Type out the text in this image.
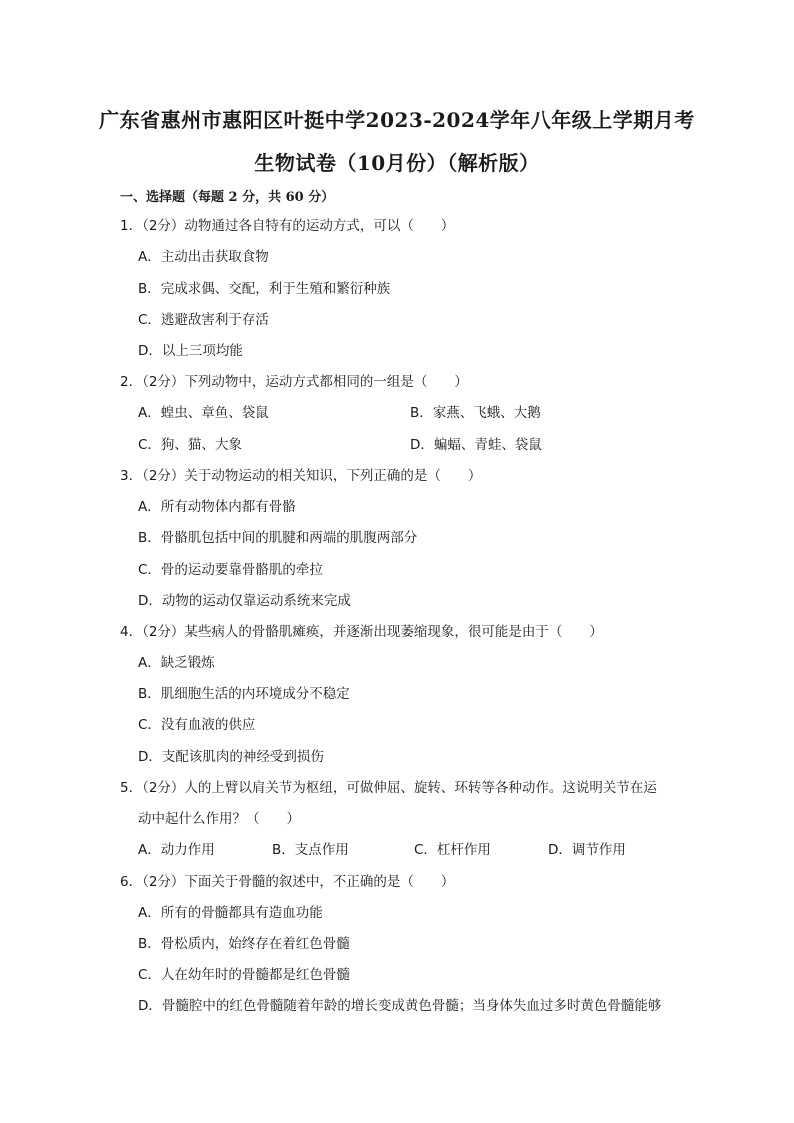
广东省惠州市惠阳区叶挺中学2023-2024学年八年级上学期月考
生物试卷（10月份）（解析版）
一、选择题（每题 2 分，共 60 分）
1．（2分）动物通过各自特有的运动方式，可以（　　）
A．主动出击获取食物
B．完成求偶、交配，利于生殖和繁衍种族
C．逃避敌害利于存活
D．以上三项均能
2．（2分）下列动物中，运动方式都相同的一组是（　　）
A．蝗虫、章鱼、袋鼠	B．家燕、飞蛾、大鹅
C．狗、猫、大象	D．蝙蝠、青蛙、袋鼠
3．（2分）关于动物运动的相关知识，下列正确的是（　　）
A．所有动物体内都有骨骼
B．骨骼肌包括中间的肌腱和两端的肌腹两部分
C．骨的运动要靠骨骼肌的牵拉
D．动物的运动仅靠运动系统来完成
4．（2分）某些病人的骨骼肌瘫痪，并逐渐出现萎缩现象，很可能是由于（　　）
A．缺乏锻炼
B．肌细胞生活的内环境成分不稳定
C．没有血液的供应
D．支配该肌肉的神经受到损伤
5．（2分）人的上臂以肩关节为枢纽，可做伸屈、旋转、环转等各种动作。这说明关节在运
动中起什么作用？（　　）
A．动力作用	B．支点作用	C．杠杆作用	D．调节作用
6．（2分）下面关于骨髓的叙述中，不正确的是（　　）
A．所有的骨髓都具有造血功能
B．骨松质内，始终存在着红色骨髓
C．人在幼年时的骨髓都是红色骨髓
D．骨髓腔中的红色骨髓随着年龄的增长变成黄色骨髓；当身体失血过多时黄色骨髓能够
